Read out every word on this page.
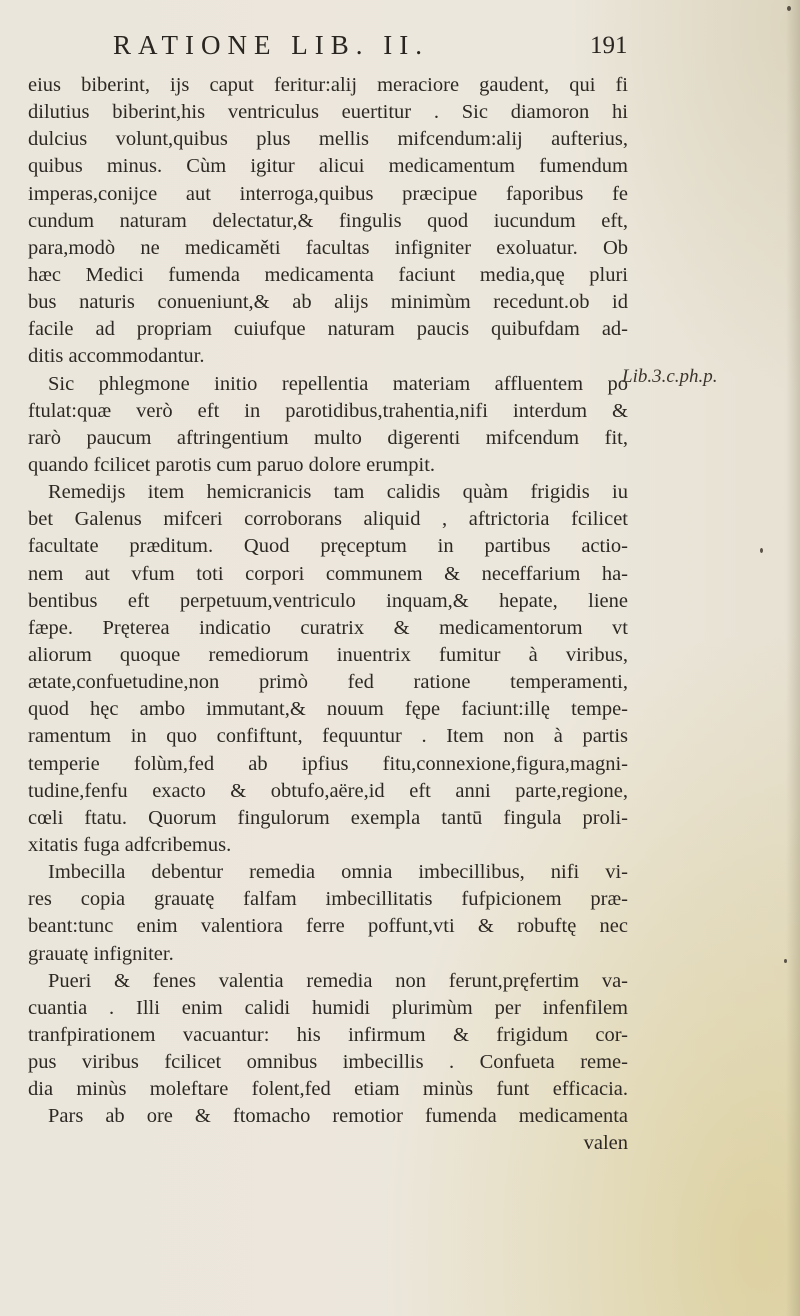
RATIONE LIB. II.	191
eius biberint, ijs caput feritur:alij meraciore gaudent, qui fi
dilutius biberint,his ventriculus euertitur . Sic diamoron hi
dulcius volunt,quibus plus mellis mifcendum:alij aufterius,
quibus minus. Cùm igitur alicui medicamentum fumendum
imperas,conijce aut interroga,quibus præcipue faporibus fe
cundum naturam delectatur,& fingulis quod iucundum eft,
para,modò ne medicaměti facultas infigniter exoluatur. Ob
hæc Medici fumenda medicamenta faciunt media,quę pluri
bus naturis conueniunt,& ab alijs minimùm recedunt.ob id
facile ad propriam cuiufque naturam paucis quibufdam ad-
ditis accommodantur.
Sic phlegmone initio repellentia materiam affluentem po
ftulat:quæ verò eft in parotidibus,trahentia,nifi interdum &
rarò paucum aftringentium multo digerenti mifcendum fit,
quando fcilicet parotis cum paruo dolore erumpit.
Remedijs item hemicranicis tam calidis quàm frigidis iu
bet Galenus mifceri corroborans aliquid , aftrictoria fcilicet
facultate præditum. Quod pręceptum in partibus actio-
nem aut vfum toti corpori communem & neceffarium ha-
bentibus eft perpetuum,ventriculo inquam,& hepate, liene
fæpe. Pręterea indicatio curatrix & medicamentorum vt
aliorum quoque remediorum inuentrix fumitur à viribus,
ætate,confuetudine,non primò fed ratione temperamenti,
quod hęc ambo immutant,& nouum fępe faciunt:illę tempe-
ramentum in quo confiftunt, fequuntur . Item non à partis
temperie folùm,fed ab ipfius fitu,connexione,figura,magni-
tudine,fenfu exacto & obtufo,aëre,id eft anni parte,regione,
cœli ftatu. Quorum fingulorum exempla tantū fingula proli-
xitatis fuga adfcribemus.
Imbecilla debentur remedia omnia imbecillibus, nifi vi-
res copia grauatę falfam imbecillitatis fufpicionem præ-
beant:tunc enim valentiora ferre poffunt,vti & robuftę nec
grauatę infigniter.
Pueri & fenes valentia remedia non ferunt,pręfertim va-
cuantia . Illi enim calidi humidi plurimùm per infenfilem
tranfpirationem vacuantur: his infirmum & frigidum cor-
pus viribus fcilicet omnibus imbecillis . Confueta reme-
dia minùs moleftare folent,fed etiam minùs funt efficacia.
Pars ab ore & ftomacho remotior fumenda medicamenta
valen
Lib.3.c.ph.p.
